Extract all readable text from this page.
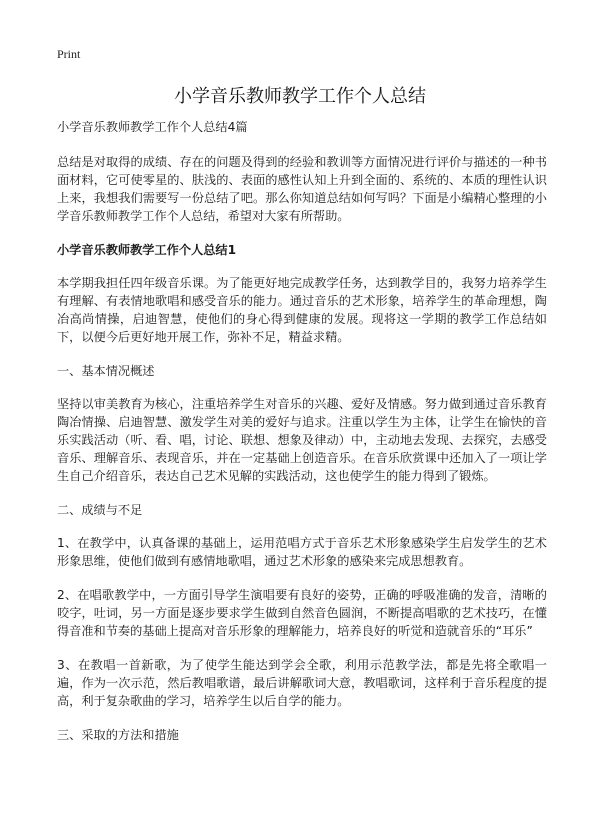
Print
小学音乐教师教学工作个人总结

小学音乐教师教学工作个人总结4篇

总结是对取得的成绩、存在的问题及得到的经验和教训等方面情况进行评价与描述的一种书面材料，它可使零星的、肤浅的、表面的感性认知上升到全面的、系统的、本质的理性认识上来，我想我们需要写一份总结了吧。那么你知道总结如何写吗？下面是小编精心整理的小学音乐教师教学工作个人总结，希望对大家有所帮助。

小学音乐教师教学工作个人总结1

本学期我担任四年级音乐课。为了能更好地完成教学任务，达到教学目的，我努力培养学生有理解、有表情地歌唱和感受音乐的能力。通过音乐的艺术形象，培养学生的革命理想，陶冶高尚情操，启迪智慧，使他们的身心得到健康的发展。现将这一学期的教学工作总结如下，以便今后更好地开展工作，弥补不足，精益求精。

一、基本情况概述

坚持以审美教育为核心，注重培养学生对音乐的兴趣、爱好及情感。努力做到通过音乐教育陶冶情操、启迪智慧、激发学生对美的爱好与追求。注重以学生为主体，让学生在愉快的音乐实践活动（听、看、唱，讨论、联想、想象及律动）中，主动地去发现、去探究，去感受音乐、理解音乐、表现音乐，并在一定基础上创造音乐。在音乐欣赏课中还加入了一项让学生自己介绍音乐，表达自己艺术见解的实践活动，这也使学生的能力得到了锻炼。

二、成绩与不足

1、在教学中，认真备课的基础上，运用范唱方式于音乐艺术形象感染学生启发学生的艺术形象思维，使他们做到有感情地歌唱，通过艺术形象的感染来完成思想教育。

2、在唱歌教学中，一方面引导学生演唱要有良好的姿势，正确的呼吸准确的发音，清晰的咬字，吐词，另一方面是逐步要求学生做到自然音色圆润，不断提高唱歌的艺术技巧，在懂得音准和节奏的基础上提高对音乐形象的理解能力，培养良好的听觉和造就音乐的“耳乐”

3、在教唱一首新歌，为了使学生能达到学会全歌，利用示范教学法，都是先将全歌唱一遍，作为一次示范，然后教唱歌谱，最后讲解歌词大意，教唱歌词，这样利于音乐程度的提高，利于复杂歌曲的学习，培养学生以后自学的能力。

三、采取的方法和措施
